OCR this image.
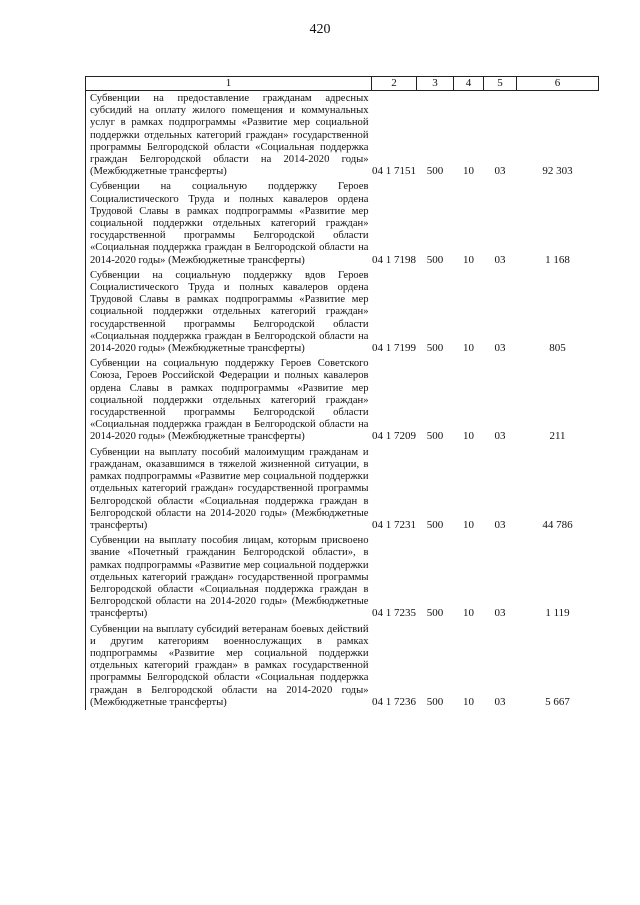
420
1	2	3	4	5	6
Субвенции на предоставление гражданам адресных субсидий на оплату жилого помещения и коммунальных услуг в рамках подпрограммы «Развитие мер социальной поддержки отдельных категорий граждан» государственной программы Белгородской области «Социальная поддержка граждан Белгородской области на 2014-2020 годы» (Межбюджетные трансферты)	04 1 7151	500	10	03	92 303
Субвенции на социальную поддержку Героев Социалистического Труда и полных кавалеров ордена Трудовой Славы в рамках подпрограммы «Развитие мер социальной поддержки отдельных категорий граждан» государственной программы Белгородской области «Социальная поддержка граждан в Белгородской области на 2014-2020 годы» (Межбюджетные трансферты)	04 1 7198	500	10	03	1 168
Субвенции на социальную поддержку вдов Героев Социалистического Труда и полных кавалеров ордена Трудовой Славы в рамках подпрограммы «Развитие мер социальной поддержки отдельных категорий граждан» государственной программы Белгородской области «Социальная поддержка граждан в Белгородской области на 2014-2020 годы» (Межбюджетные трансферты)	04 1 7199	500	10	03	805
Субвенции на социальную поддержку Героев Советского Союза, Героев Российской Федерации и полных кавалеров ордена Славы в рамках подпрограммы «Развитие мер социальной поддержки отдельных категорий граждан» государственной программы Белгородской области «Социальная поддержка граждан в Белгородской области на 2014-2020 годы» (Межбюджетные трансферты)	04 1 7209	500	10	03	211
Субвенции на выплату пособий малоимущим гражданам и гражданам, оказавшимся в тяжелой жизненной ситуации, в рамках подпрограммы «Развитие мер социальной поддержки отдельных категорий граждан» государственной программы Белгородской области «Социальная поддержка граждан в Белгородской области на 2014-2020 годы» (Межбюджетные трансферты)	04 1 7231	500	10	03	44 786
Субвенции на выплату пособия лицам, которым присвоено звание «Почетный гражданин Белгородской области», в рамках подпрограммы «Развитие мер социальной поддержки отдельных категорий граждан» государственной программы Белгородской области «Социальная поддержка граждан в Белгородской области на 2014-2020 годы» (Межбюджетные трансферты)	04 1 7235	500	10	03	1 119
Субвенции на выплату субсидий ветеранам боевых действий и другим категориям военнослужащих в рамках подпрограммы «Развитие мер социальной поддержки отдельных категорий граждан» в рамках государственной программы Белгородской области «Социальная поддержка граждан в Белгородской области на 2014-2020 годы» (Межбюджетные трансферты)	04 1 7236	500	10	03	5 667
